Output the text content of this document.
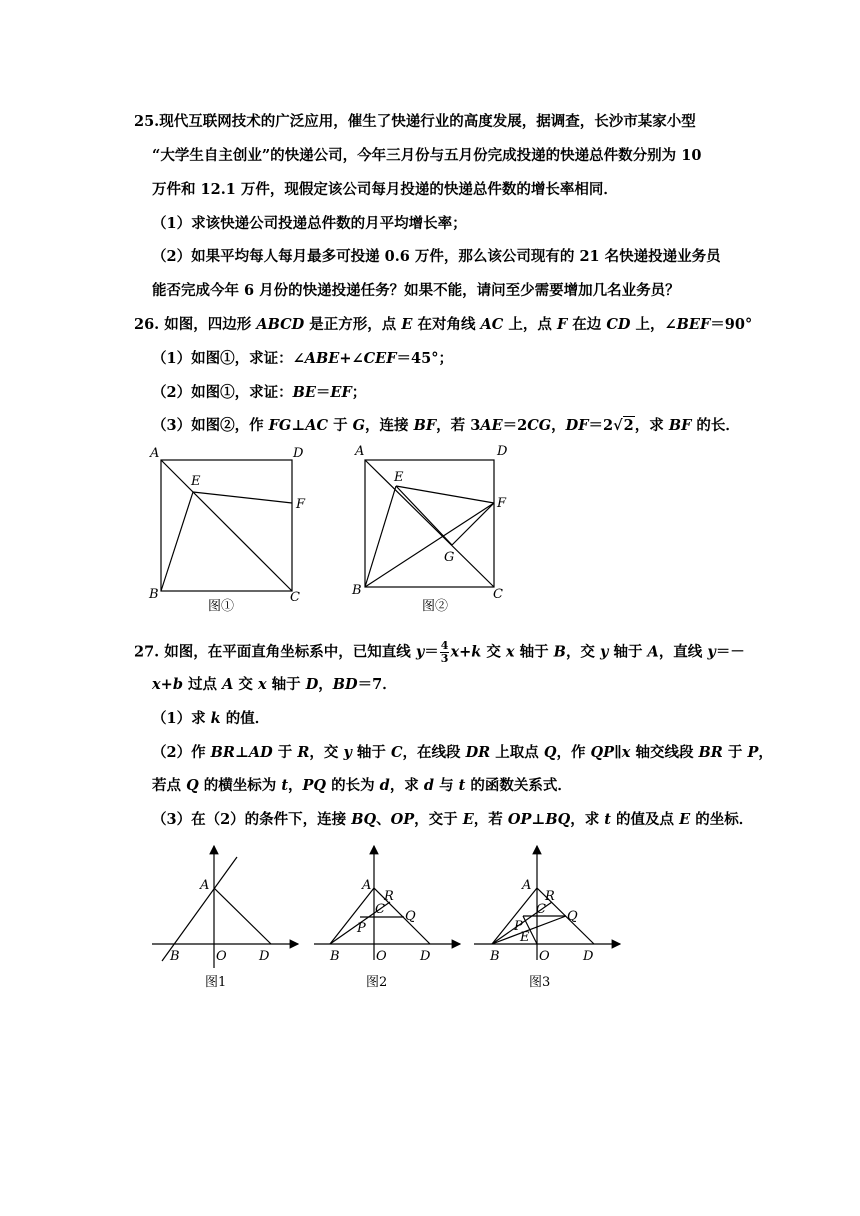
25.现代互联网技术的广泛应用，催生了快递行业的高度发展，据调查，长沙市某家小型
“大学生自主创业”的快递公司，今年三月份与五月份完成投递的快递总件数分别为 10
万件和 12.1 万件，现假定该公司每月投递的快递总件数的增长率相同．
（1）求该快递公司投递总件数的月平均增长率；
（2）如果平均每人每月最多可投递 0.6 万件，那么该公司现有的 21 名快递投递业务员
能否完成今年 6 月份的快递投递任务？如果不能，请问至少需要增加几名业务员？
26. 如图，四边形 ABCD 是正方形，点 E 在对角线 AC 上，点 F 在边 CD 上，∠BEF＝90°
（1）如图①，求证：∠ABE+∠CEF＝45°；
（2）如图①，求证：BE＝EF；
（3）如图②，作 FG⊥AC 于 G，连接 BF，若 3AE＝2CG，DF＝2√2，求 BF 的长．
A	D
E
F
B	C
图①
A	D
E
F
G
B	C
图②
27. 如图，在平面直角坐标系中，已知直线 $y= \frac{4}{3} x+k$ 交 x 轴于 B，交 y 轴于 A，直线 y＝－
x+b 过点 A 交 x 轴于 D，BD＝7．
（1）求 k 的值．
（2）作 BR⊥AD 于 R，交 y 轴于 C，在线段 DR 上取点 Q，作 QP∥x 轴交线段 BR 于 P，
若点 Q 的横坐标为 t，PQ 的长为 d，求 d 与 t 的函数关系式．
（3）在（2）的条件下，连接 BQ、OP，交于 E，若 OP⊥BQ，求 t 的值及点 E 的坐标．
A
B	O D
图1
A
R
C
P
Q
B	O	D
图2
A
R
C
P
E
Q
B	O	D
图3
